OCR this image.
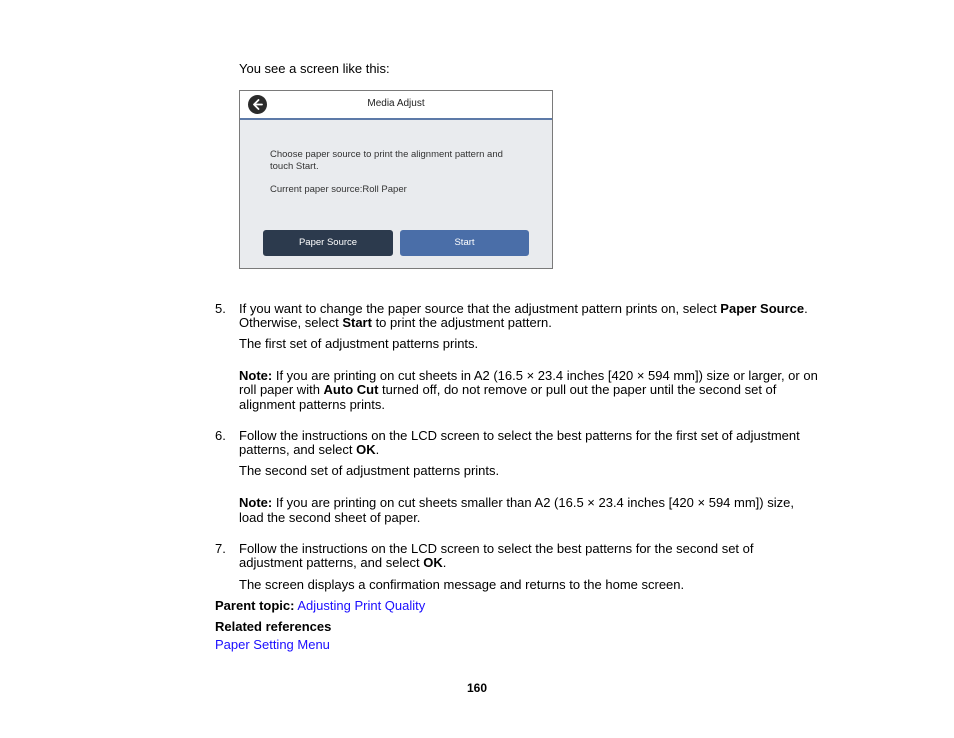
You see a screen like this:

Media Adjust
Choose paper source to print the alignment pattern and
touch Start.
Current paper source:Roll Paper
Paper Source	Start

5.	If you want to change the paper source that the adjustment pattern prints on, select Paper Source.

Otherwise, select Start to print the adjustment pattern.

The first set of adjustment patterns prints.

Note: If you are printing on cut sheets in A2 (16.5 × 23.4 inches [420 × 594 mm]) size or larger, or on

roll paper with Auto Cut turned off, do not remove or pull out the paper until the second set of

alignment patterns prints.

6.	Follow the instructions on the LCD screen to select the best patterns for the first set of adjustment

patterns, and select OK.

The second set of adjustment patterns prints.

Note: If you are printing on cut sheets smaller than A2 (16.5 × 23.4 inches [420 × 594 mm]) size,

load the second sheet of paper.

7.	Follow the instructions on the LCD screen to select the best patterns for the second set of

adjustment patterns, and select OK.

The screen displays a confirmation message and returns to the home screen.

Parent topic: Adjusting Print Quality

Related references

Paper Setting Menu

160
